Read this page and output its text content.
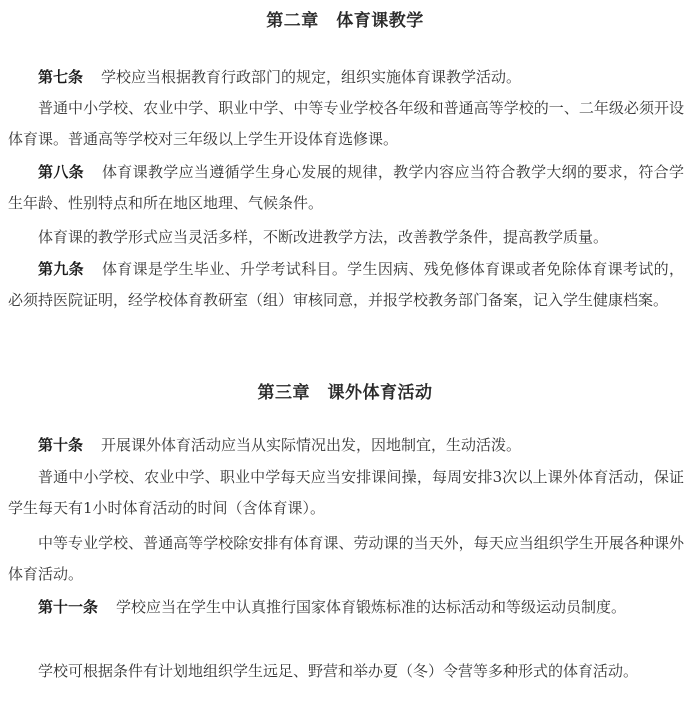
第二章　体育课教学

第七条 学校应当根据教育行政部门的规定，组织实施体育课教学活动。

普通中小学校、农业中学、职业中学、中等专业学校各年级和普通高等学校的一、二年级必须开设体育课。普通高等学校对三年级以上学生开设体育选修课。

第八条 体育课教学应当遵循学生身心发展的规律，教学内容应当符合教学大纲的要求，符合学生年龄、性别特点和所在地区地理、气候条件。

体育课的教学形式应当灵活多样，不断改进教学方法，改善教学条件，提高教学质量。

第九条 体育课是学生毕业、升学考试科目。学生因病、残免修体育课或者免除体育课考试的，必须持医院证明，经学校体育教研室（组）审核同意，并报学校教务部门备案，记入学生健康档案。

第三章　课外体育活动

第十条 开展课外体育活动应当从实际情况出发，因地制宜，生动活泼。

普通中小学校、农业中学、职业中学每天应当安排课间操，每周安排3次以上课外体育活动，保证学生每天有1小时体育活动的时间（含体育课）。

中等专业学校、普通高等学校除安排有体育课、劳动课的当天外，每天应当组织学生开展各种课外体育活动。

第十一条 学校应当在学生中认真推行国家体育锻炼标准的达标活动和等级运动员制度。

学校可根据条件有计划地组织学生远足、野营和举办夏（冬）令营等多种形式的体育活动。
